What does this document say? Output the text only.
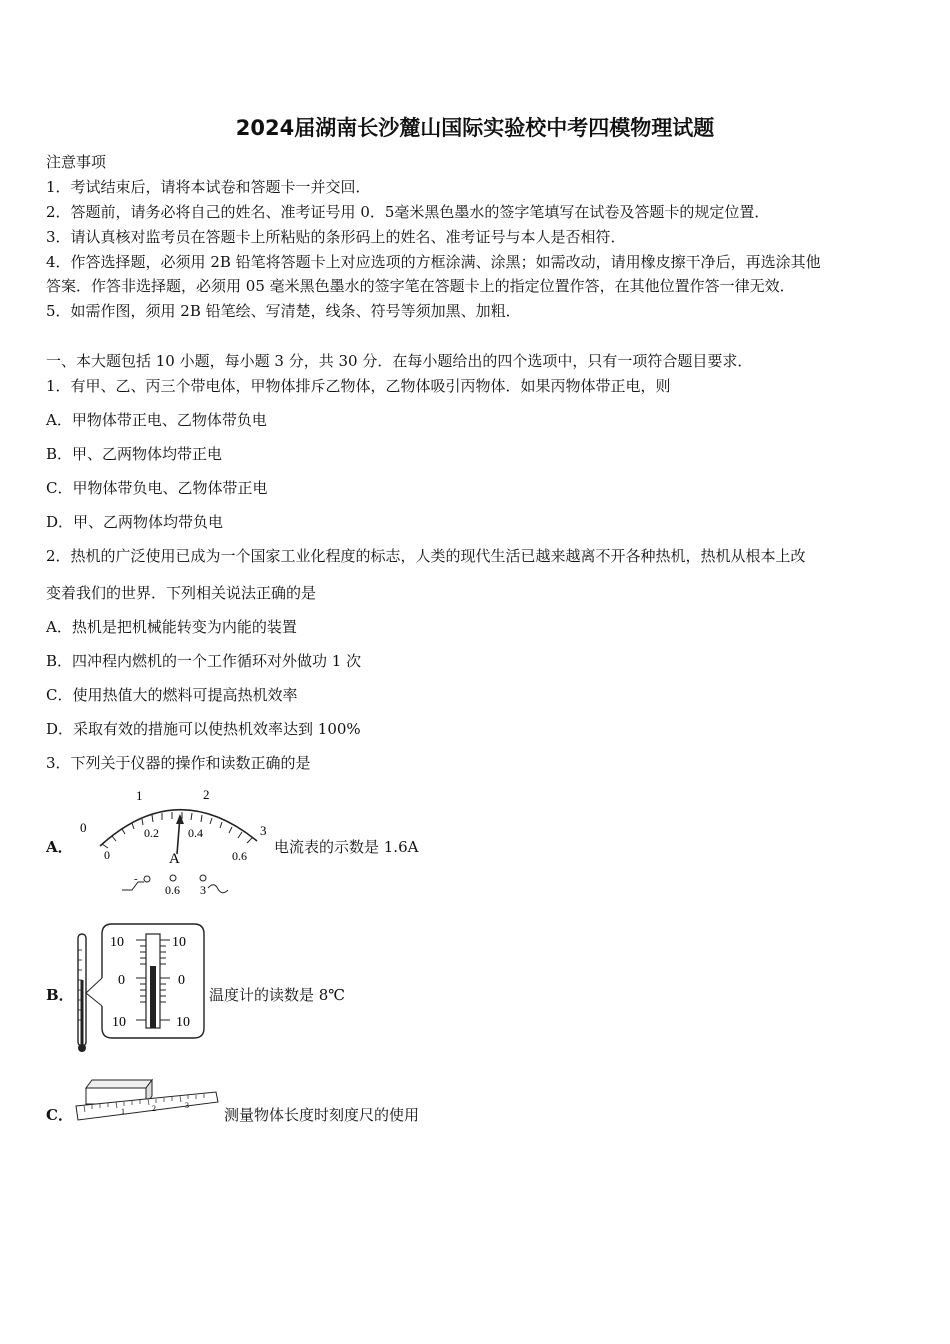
2024届湖南长沙麓山国际实验校中考四模物理试题
注意事项
1．考试结束后，请将本试卷和答题卡一并交回．
2．答题前，请务必将自己的姓名、准考证号用 0．5毫米黑色墨水的签字笔填写在试卷及答题卡的规定位置．
3．请认真核对监考员在答题卡上所粘贴的条形码上的姓名、准考证号与本人是否相符．
4．作答选择题，必须用 2B 铅笔将答题卡上对应选项的方框涂满、涂黑；如需改动，请用橡皮擦干净后，再选涂其他
答案．作答非选择题，必须用 05 毫米黑色墨水的签字笔在答题卡上的指定位置作答，在其他位置作答一律无效．
5．如需作图，须用 2B 铅笔绘、写清楚，线条、符号等须加黑、加粗．
一、本大题包括 10 小题，每小题 3 分，共 30 分．在每小题给出的四个选项中，只有一项符合题目要求．
1．有甲、乙、丙三个带电体，甲物体排斥乙物体，乙物体吸引丙物体．如果丙物体带正电，则
A．甲物体带正电、乙物体带负电
B．甲、乙两物体均带正电
C．甲物体带负电、乙物体带正电
D．甲、乙两物体均带负电
2．热机的广泛使用已成为一个国家工业化程度的标志，人类的现代生活已越来越离不开各种热机，热机从根本上改
变着我们的世界．下列相关说法正确的是
A．热机是把机械能转变为内能的装置
B．四冲程内燃机的一个工作循环对外做功 1 次
C．使用热值大的燃料可提高热机效率
D．采取有效的措施可以使热机效率达到 100%
3．下列关于仪器的操作和读数正确的是
A．
0
1	2
3
0
0.2 0.4
0.6
A
-
0.6 3
电流表的示数是 1.6A
B．
10
0
10
10
0
10
温度计的读数是 8℃
C．	1	2	3
测量物体长度时刻度尺的使用
